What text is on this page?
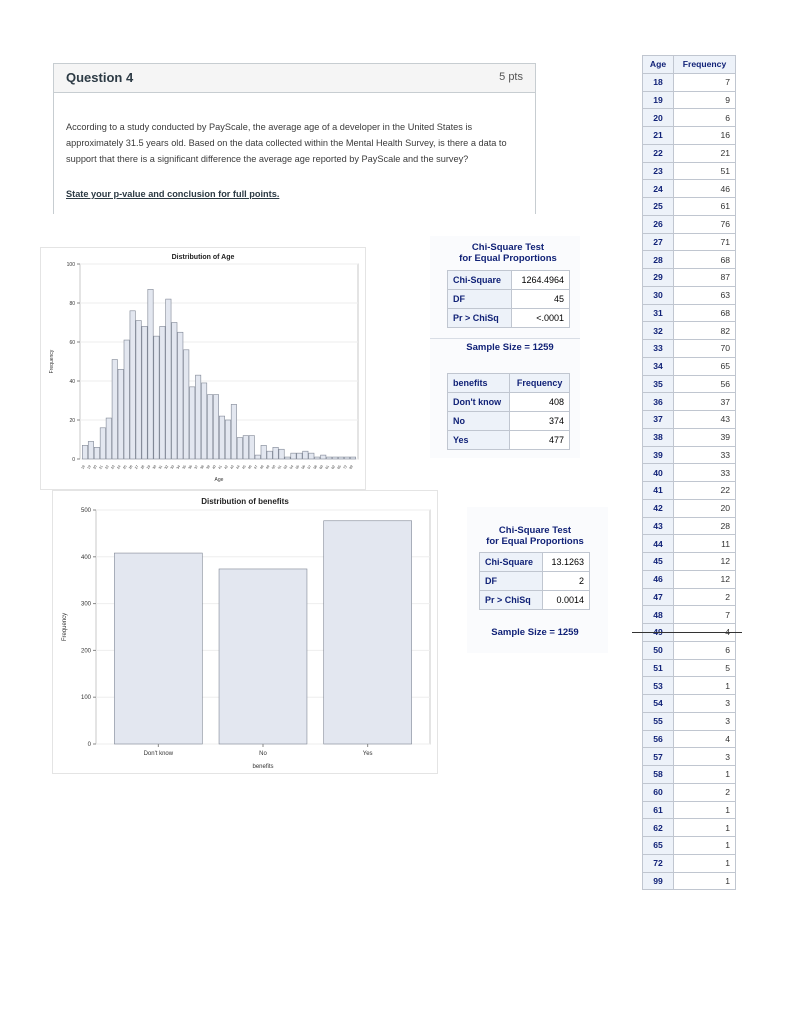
Question 4	5 pts
According to a study conducted by PayScale, the average age of a developer in the United States is approximately 31.5 years old. Based on the data collected within the Mental Health Survey, is there a data to support that there is a significant difference the average age reported by PayScale and the survey?
State your p-value and conclusion for full points.
Distribution of Age
0
20
40
60
80
100
Frequency
Age
18 19 20 21 22 23 24 25 26 27 28 29 30 31 32 33 34 35 36 37 38 39 40 41 42 43 44 45 46 47 48 49 50 51 53 54 55 56 57 58 60 61 62 65 72 99
Distribution of benefits
0
100
200
300
400
500
Frequency
benefits
Don't know	No	Yes
Chi-Square Test
for Equal Proportions
Chi-Square	1264.4964
DF	45
Pr > ChiSq	<.0001
Sample Size = 1259
benefits	Frequency
Don't know	408
No	374
Yes	477
Chi-Square Test
for Equal Proportions
Chi-Square	13.1263
DF	2
Pr > ChiSq	0.0014
Sample Size = 1259
Age	Frequency
18	7
19	9
20	6
21	16
22	21
23	51
24	46
25	61
26	76
27	71
28	68
29	87
30	63
31	68
32	82
33	70
34	65
35	56
36	37
37	43
38	39
39	33
40	33
41	22
42	20
43	28
44	11
45	12
46	12
47	2
48	7
49	4
50	6
51	5
53	1
54	3
55	3
56	4
57	3
58	1
60	2
61	1
62	1
65	1
72	1
99	1
